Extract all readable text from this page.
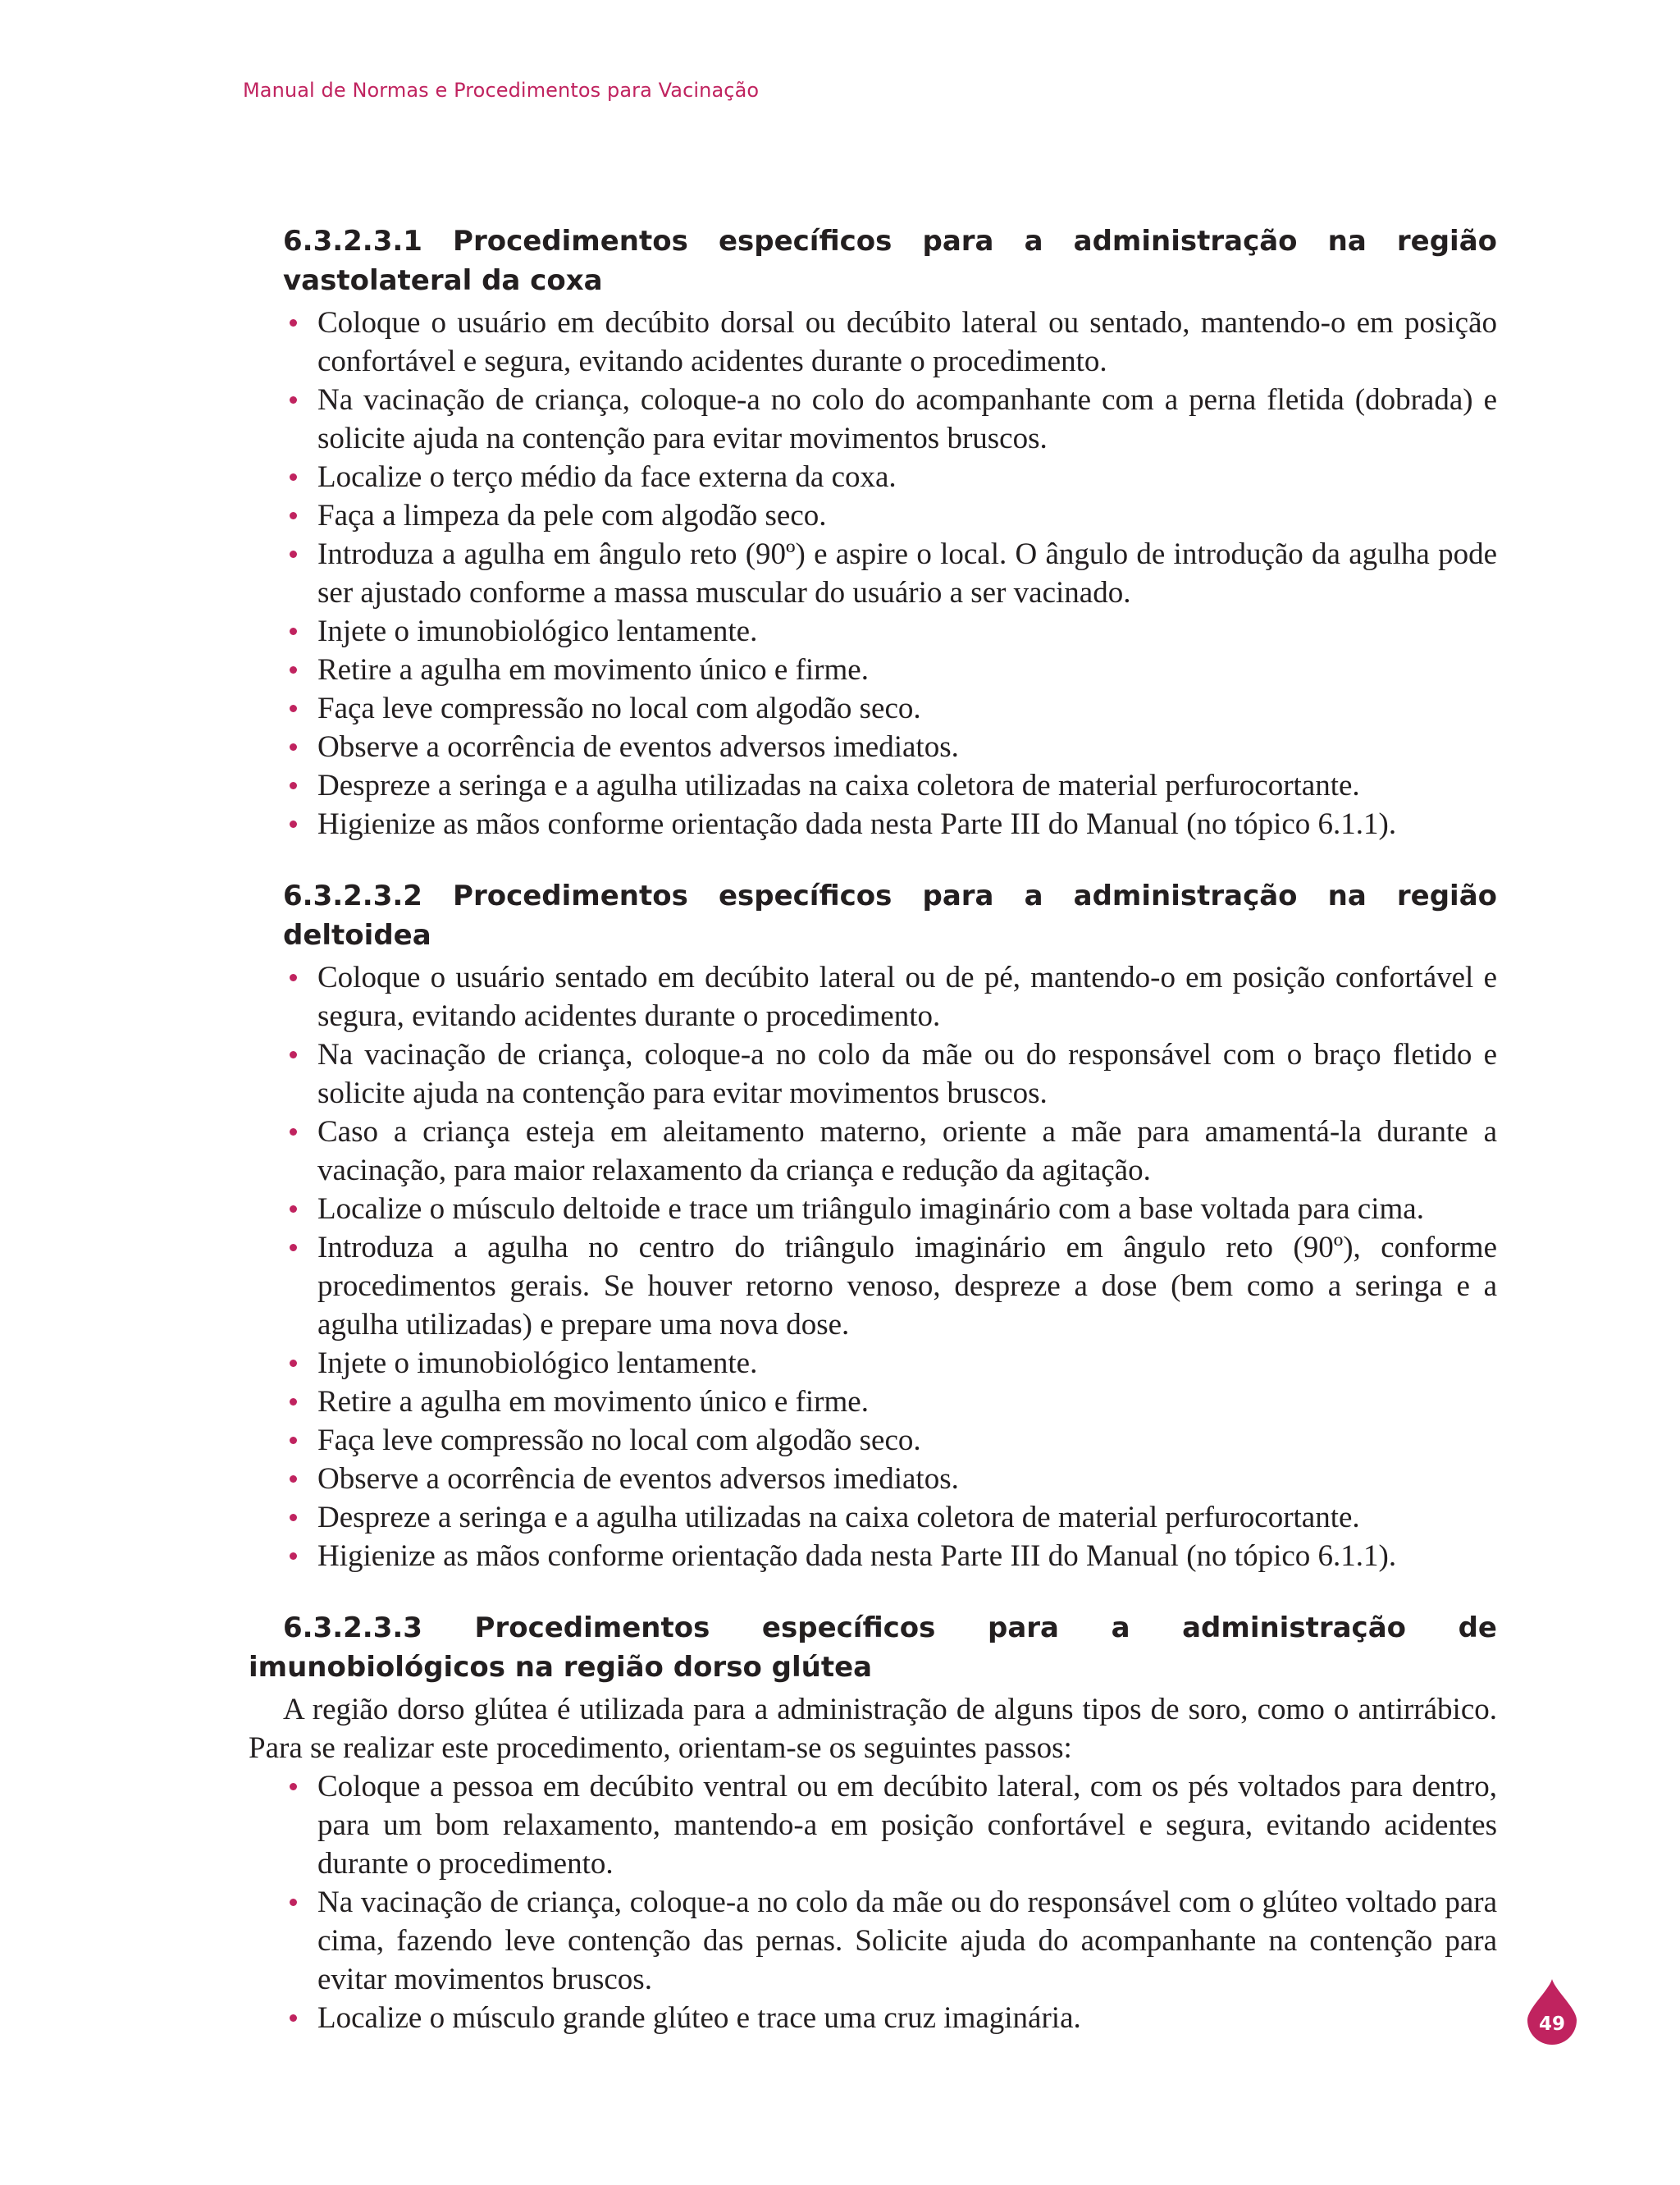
Manual de Normas e Procedimentos para Vacinação
6.3.2.3.1 Procedimentos específicos para a administração na região vastolateral da coxa
Coloque o usuário em decúbito dorsal ou decúbito lateral ou sentado, mantendo-o em posição confortável e segura, evitando acidentes durante o procedimento.
Na vacinação de criança, coloque-a no colo do acompanhante com a perna fletida (dobrada) e solicite ajuda na contenção para evitar movimentos bruscos.
Localize o terço médio da face externa da coxa.
Faça a limpeza da pele com algodão seco.
Introduza a agulha em ângulo reto (90º) e aspire o local. O ângulo de introdução da agulha pode ser ajustado conforme a massa muscular do usuário a ser vacinado.
Injete o imunobiológico lentamente.
Retire a agulha em movimento único e firme.
Faça leve compressão no local com algodão seco.
Observe a ocorrência de eventos adversos imediatos.
Despreze a seringa e a agulha utilizadas na caixa coletora de material perfurocortante.
Higienize as mãos conforme orientação dada nesta Parte III do Manual (no tópico 6.1.1).
6.3.2.3.2 Procedimentos específicos para a administração na região deltoidea
Coloque o usuário sentado em decúbito lateral ou de pé, mantendo-o em posição confortável e segura, evitando acidentes durante o procedimento.
Na vacinação de criança, coloque-a no colo da mãe ou do responsável com o braço fletido e solicite ajuda na contenção para evitar movimentos bruscos.
Caso a criança esteja em aleitamento materno, oriente a mãe para amamentá-la durante a vacinação, para maior relaxamento da criança e redução da agitação.
Localize o músculo deltoide e trace um triângulo imaginário com a base voltada para cima.
Introduza a agulha no centro do triângulo imaginário em ângulo reto (90º), conforme procedimentos gerais. Se houver retorno venoso, despreze a dose (bem como a seringa e a agulha utilizadas) e prepare uma nova dose.
Injete o imunobiológico lentamente.
Retire a agulha em movimento único e firme.
Faça leve compressão no local com algodão seco.
Observe a ocorrência de eventos adversos imediatos.
Despreze a seringa e a agulha utilizadas na caixa coletora de material perfurocortante.
Higienize as mãos conforme orientação dada nesta Parte III do Manual (no tópico 6.1.1).
6.3.2.3.3 Procedimentos específicos para a administração de imunobiológicos na região dorso glútea

A região dorso glútea é utilizada para a administração de alguns tipos de soro, como o antirrábico. Para se realizar este procedimento, orientam-se os seguintes passos:

Coloque a pessoa em decúbito ventral ou em decúbito lateral, com os pés voltados para dentro, para um bom relaxamento, mantendo-a em posição confortável e segura, evitando acidentes durante o procedimento.
Na vacinação de criança, coloque-a no colo da mãe ou do responsável com o glúteo voltado para cima, fazendo leve contenção das pernas. Solicite ajuda do acompanhante na contenção para evitar movimentos bruscos.
Localize o músculo grande glúteo e trace uma cruz imaginária.	49
